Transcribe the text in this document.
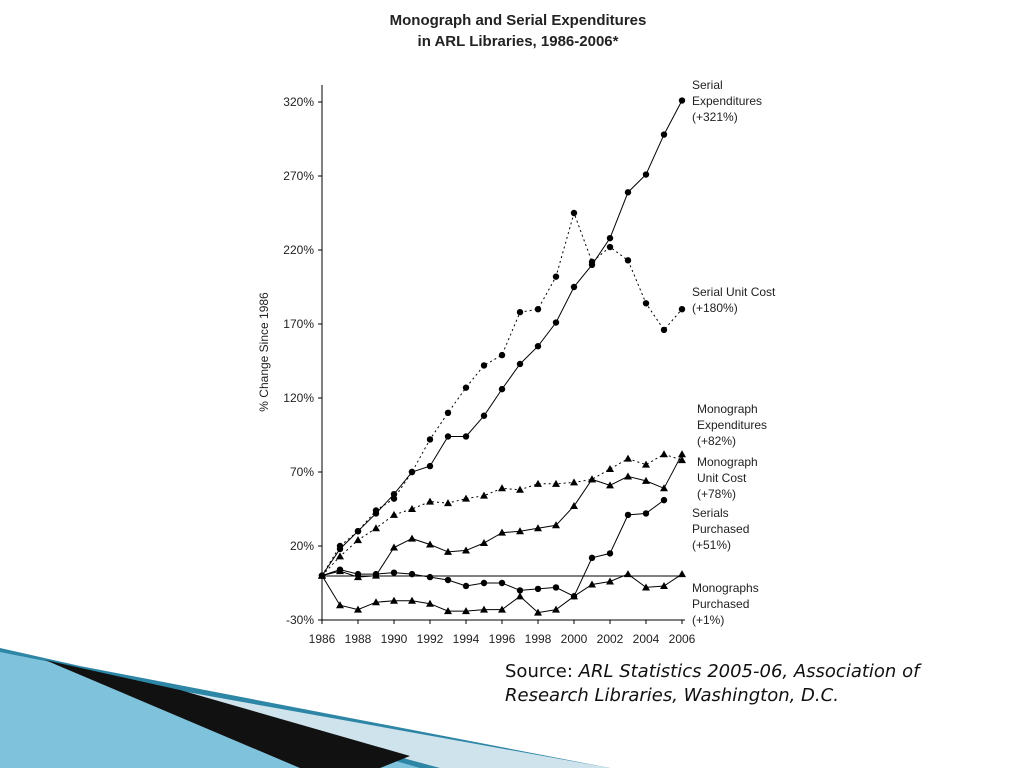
Monograph and Serial Expenditures
in ARL Libraries, 1986-2006*
% Change Since 1986
-30%
20%
70%
120%
170%
220%
270%
320%
1986 1988 1990 1992 1994 1996 1998 2000 2002 2004 2006
Serial
Expenditures
(+321%)
Serial Unit Cost
(+180%)
Monograph
Expenditures
(+82%)
Monograph
Unit Cost
(+78%)
Serials
Purchased
(+51%)
Monographs
Purchased
(+1%)
Source: ARL Statistics 2005-06, Association of Research Libraries, Washington, D.C.
